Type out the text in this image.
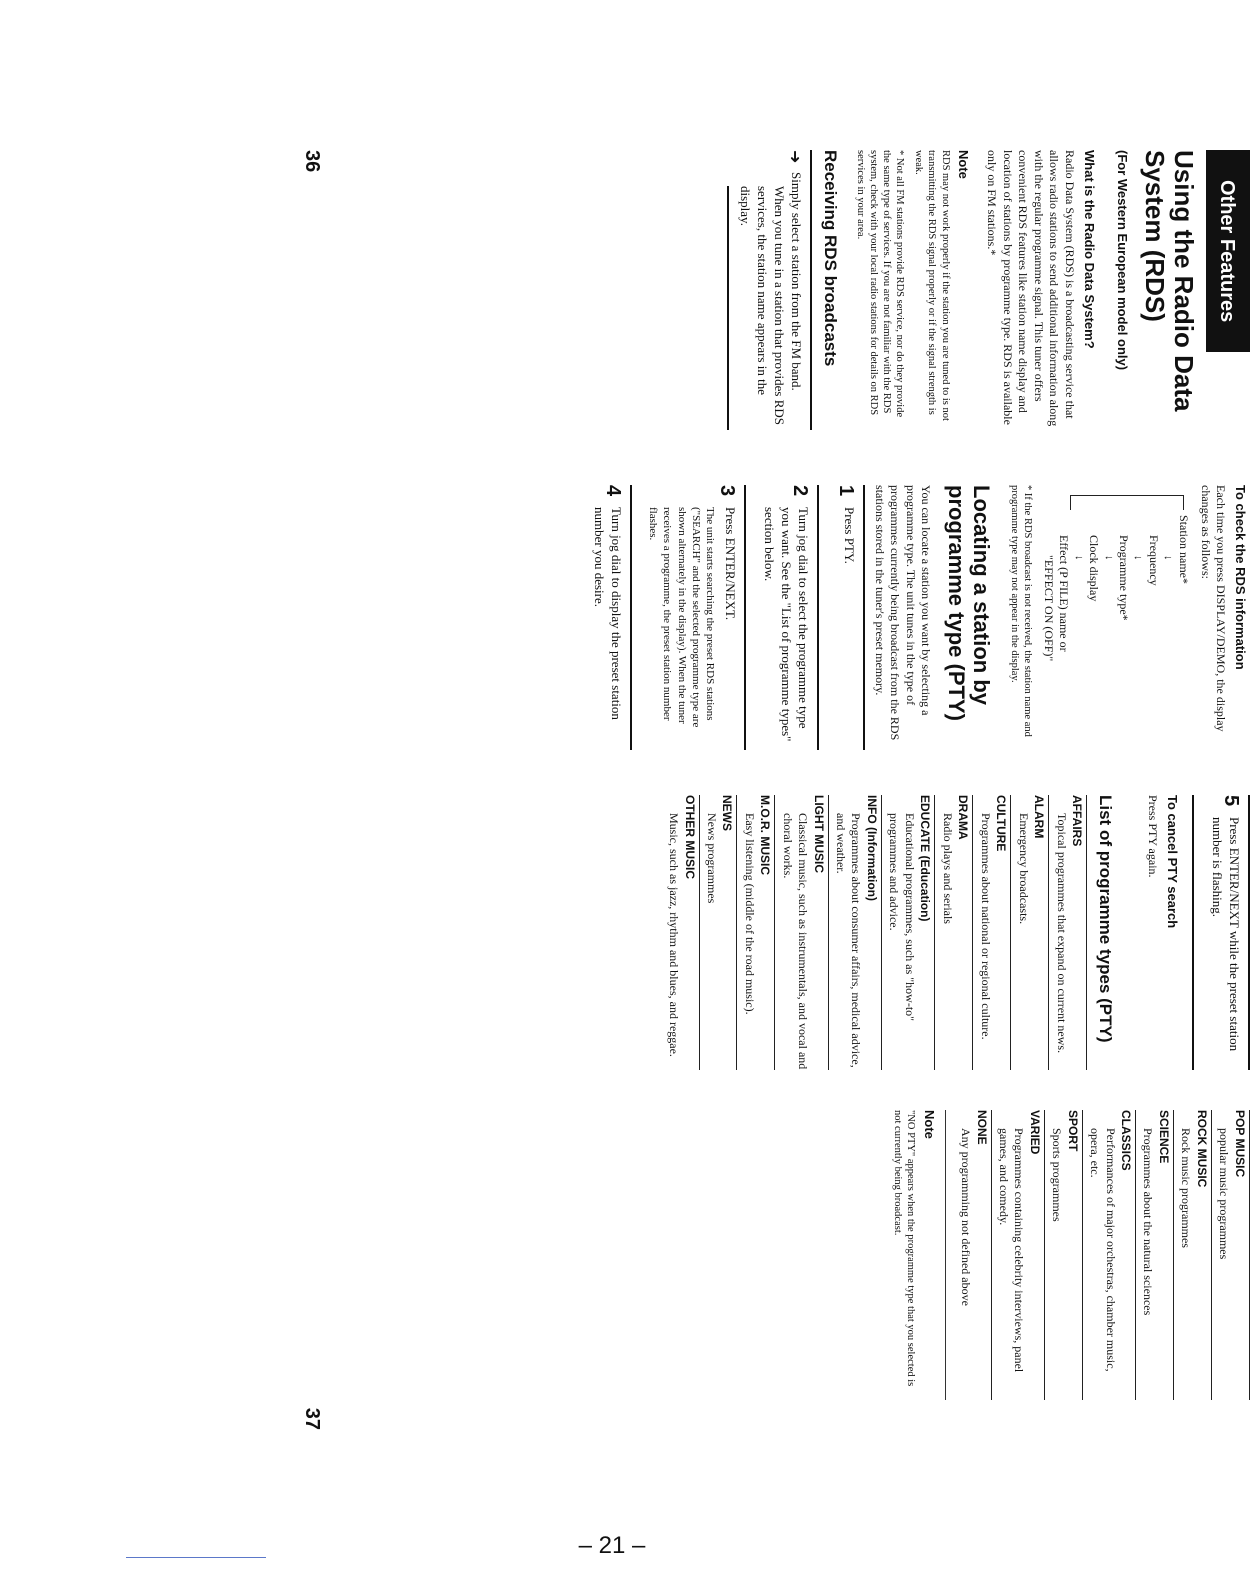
Other Features
Using the Radio Data System (RDS)
(For Western European model only)
What is the Radio Data System?

Radio Data System (RDS) is a broadcasting service that allows radio stations to send additional information along with the regular programme signal. This tuner offers convenient RDS features like station name display and location of stations by programme type. RDS is available only on FM stations.*

Note

RDS may not work properly if the station you are tuned to is not transmitting the RDS signal properly or if the signal strength is weak.

* Not all FM stations provide RDS service, nor do they provide the same type of services. If you are not familiar with the RDS system, check with your local radio stations for details on RDS services in your area.

Receiving RDS broadcasts
➜
Simply select a station from the FM band.
When you tune in a station that provides RDS services, the station name appears in the display.
To check the RDS information

Each time you press DISPLAY/DEMO, the display changes as follows:

Station name*
↓
Frequency
↓
Programme type*
↓
Clock display
↓
Effect (P FILE) name or
"EFFECT ON (OFF)"

* If the RDS broadcast is not received, the station name and programme type may not appear in the display.

Locating a station by programme type (PTY)

You can locate a station you want by selecting a programme type. The unit tunes in the type of programmes currently being broadcast from the RDS stations stored in the tuner's preset memory.

1
Press PTY.
2
Turn jog dial to select the programme type you want. See the "List of programme types" section below.
3
Press ENTER/NEXT.
The unit starts searching the preset RDS stations ("SEARCH" and the selected programme type are shown alternately in the display). When the tuner receives a programme, the preset station number flashes.
4
Turn jog dial to display the preset station number you desire.
5
Press ENTER/NEXT while the preset station number is flashing.
To cancel PTY search

Press PTY again.

List of programme types (PTY)
AFFAIRS
Topical programmes that expand on current news.
ALARM
Emergency broadcasts.
CULTURE
Programmes about national or regional culture.
DRAMA
Radio plays and serials
EDUCATE (Education)
Educational programmes, such as "how-to" programmes and advice.
INFO (Information)
Programmes about consumer affairs, medical advice, and weather.
LIGHT MUSIC
Classical music, such as instrumentals, and vocal and choral works.
M.O.R. MUSIC
Easy listening (middle of the road music).
NEWS
News programmes
OTHER MUSIC
Music, such as jazz, rhythm and blues, and reggae.
POP MUSIC
popular music programmes
ROCK MUSIC
Rock music programmes
SCIENCE
Programmes about the natural sciences
CLASSICS
Performances of major orchestras, chamber music, opera, etc.
SPORT
Sports programmes
VARIED
Programmes containing celebrity interviews, panel games, and comedy.
NONE
Any programming not defined above
Note

"NO PTY" appears when the programme type that you selected is not currently being broadcast.

36
37
– 21 –
